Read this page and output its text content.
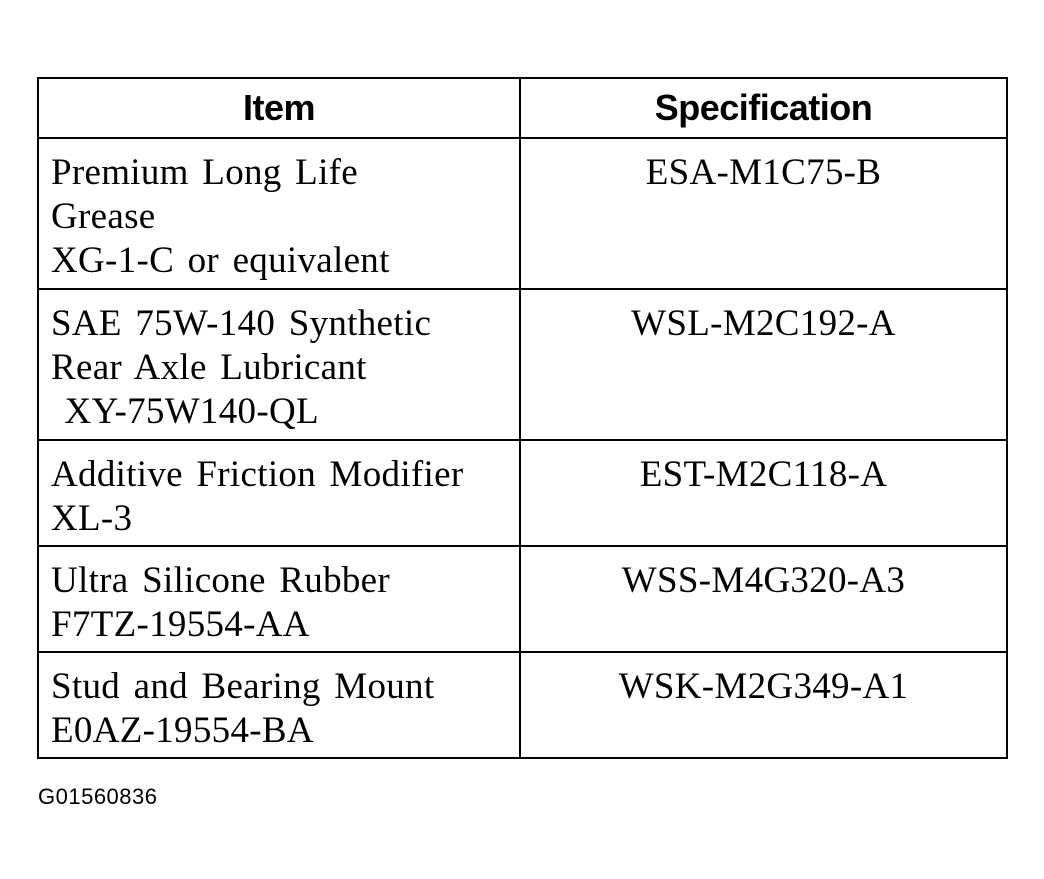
Item	Specification

Premium Long Life
Grease
XG-1-C or equivalent	ESA-M1C75-B

SAE 75W-140 Synthetic
Rear Axle Lubricant
XY-75W140-QL	WSL-M2C192-A

Additive Friction Modifier
XL-3	EST-M2C118-A

Ultra Silicone Rubber
F7TZ-19554-AA	WSS-M4G320-A3

Stud and Bearing Mount
E0AZ-19554-BA	WSK-M2G349-A1
G01560836
